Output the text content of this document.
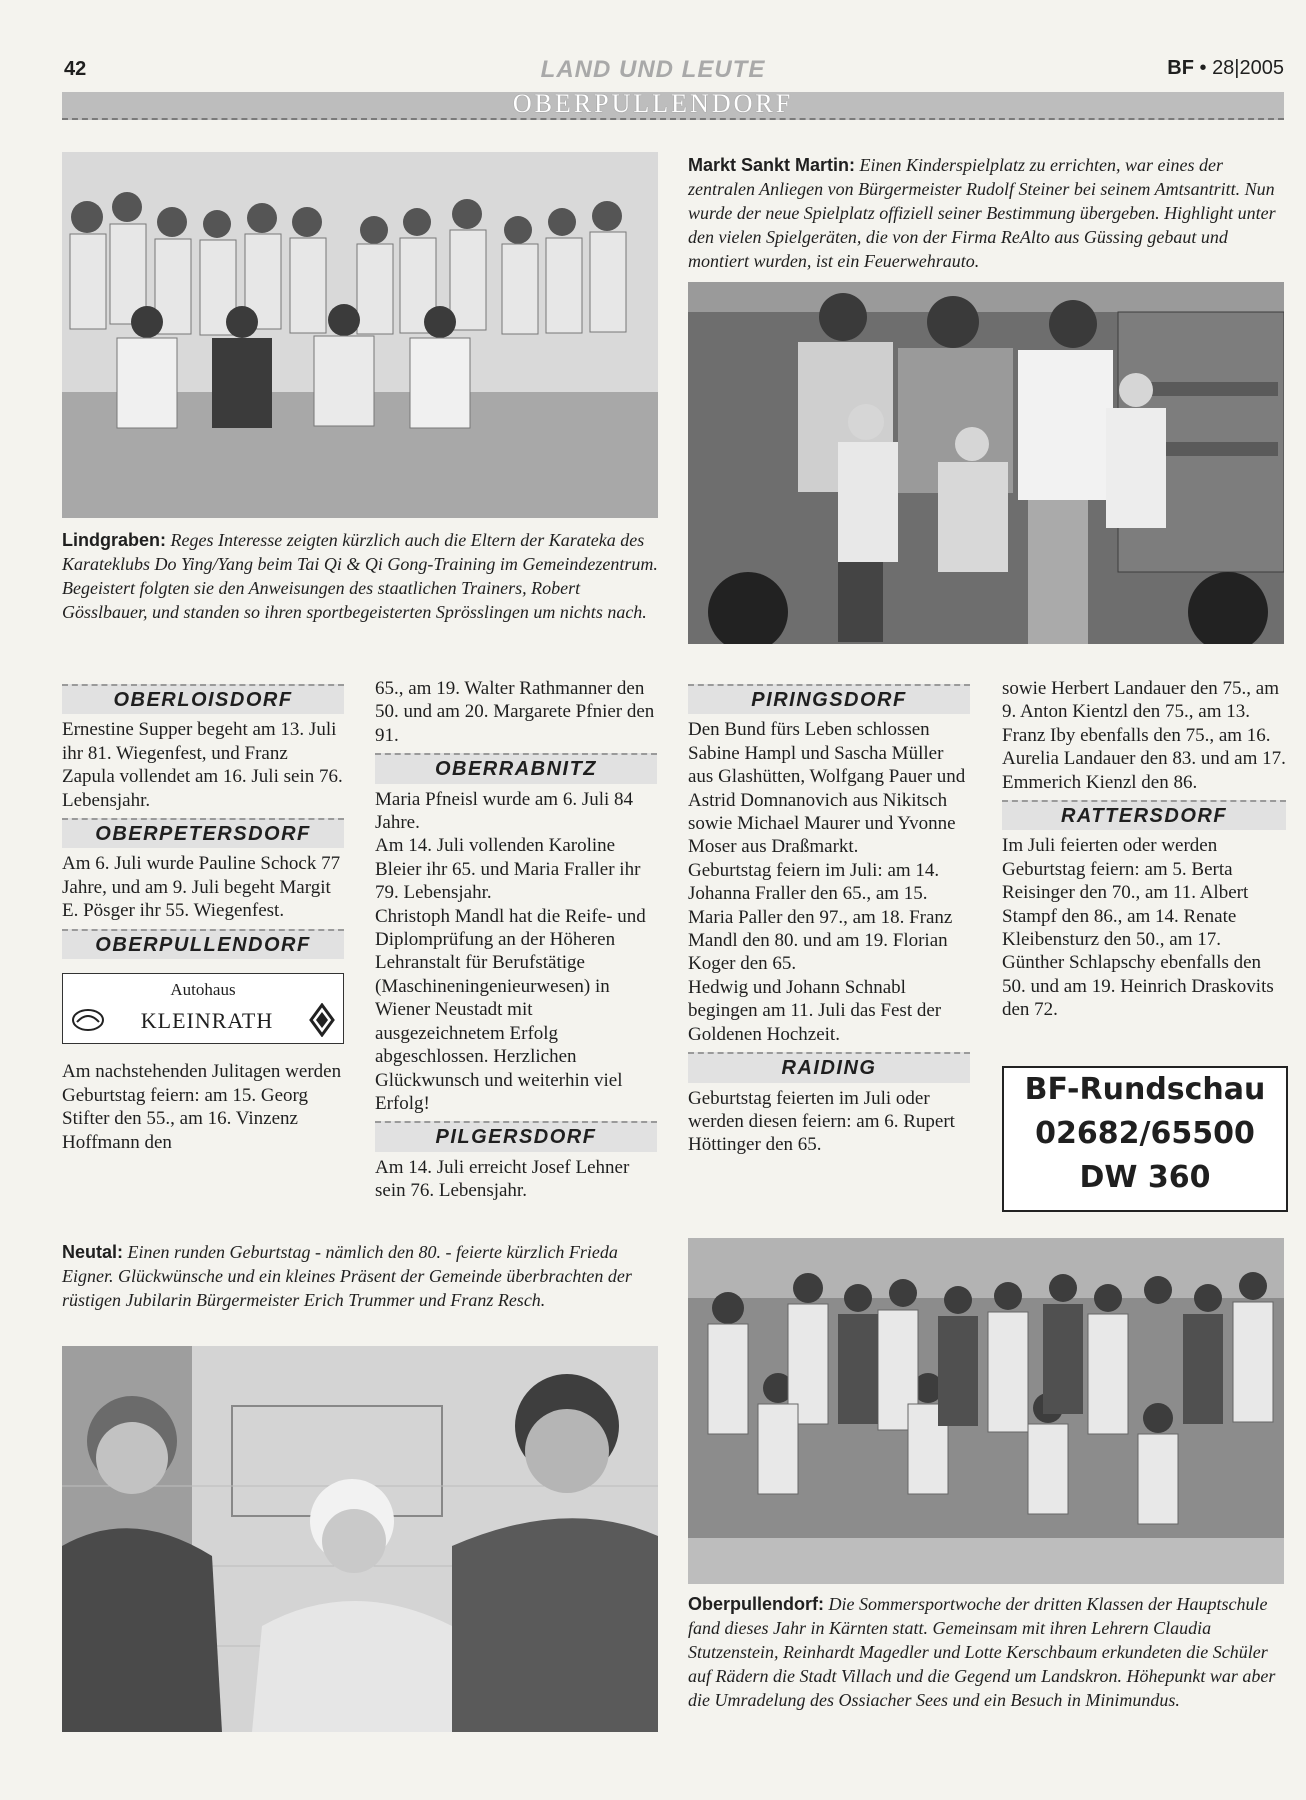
42	LAND UND LEUTE	BF • 28|2005
OBERPULLENDORF
Lindgraben: Reges Interesse zeigten kürzlich auch die Eltern der Karateka des Karateklubs Do Ying/Yang beim Tai Qi & Qi Gong-Training im Gemeindezentrum. Begeistert folgten sie den Anweisungen des staatlichen Trainers, Robert Gösslbauer, und standen so ihren sportbegeisterten Sprösslingen um nichts nach.
Markt Sankt Martin: Einen Kinderspielplatz zu errichten, war eines der zentralen Anliegen von Bürgermeister Rudolf Steiner bei seinem Amtsantritt. Nun wurde der neue Spielplatz offiziell seiner Bestimmung übergeben. Highlight unter den vielen Spielgeräten, die von der Firma ReAlto aus Güssing gebaut und montiert wurden, ist ein Feuerwehrauto.
OBERLOISDORF

Ernestine Supper begeht am 13. Juli ihr 81. Wiegenfest, und Franz Zapula vollendet am 16. Juli sein 76. Lebensjahr.

OBERPETERSDORF

Am 6. Juli wurde Pauline Schock 77 Jahre, und am 9. Juli begeht Margit E. Pösger ihr 55. Wiegenfest.

OBERPULLENDORF
Autohaus
KLEINRATH

Am nachstehenden Julitagen werden Geburtstag feiern: am 15. Georg Stifter den 55., am 16. Vinzenz Hoffmann den

65., am 19. Walter Rathmanner den 50. und am 20. Margarete Pfnier den 91.

OBERRABNITZ

Maria Pfneisl wurde am 6. Juli 84 Jahre.

Am 14. Juli vollenden Karoline Bleier ihr 65. und Maria Fraller ihr 79. Lebensjahr.

Christoph Mandl hat die Reife- und Diplomprüfung an der Höheren Lehranstalt für Berufstätige (Maschineningenieurwesen) in Wiener Neustadt mit ausgezeichnetem Erfolg abgeschlossen. Herzlichen Glückwunsch und weiterhin viel Erfolg!

PILGERSDORF

Am 14. Juli erreicht Josef Lehner sein 76. Lebensjahr.

PIRINGSDORF

Den Bund fürs Leben schlossen Sabine Hampl und Sascha Müller aus Glashütten, Wolfgang Pauer und Astrid Domnanovich aus Nikitsch sowie Michael Maurer und Yvonne Moser aus Draßmarkt.

Geburtstag feiern im Juli: am 14. Johanna Fraller den 65., am 15. Maria Paller den 97., am 18. Franz Mandl den 80. und am 19. Florian Koger den 65.

Hedwig und Johann Schnabl begingen am 11. Juli das Fest der Goldenen Hochzeit.

RAIDING

Geburtstag feierten im Juli oder werden diesen feiern: am 6. Rupert Höttinger den 65.

sowie Herbert Landauer den 75., am 9. Anton Kientzl den 75., am 13. Franz Iby ebenfalls den 75., am 16. Aurelia Landauer den 83. und am 17. Emmerich Kienzl den 86.

RATTERSDORF

Im Juli feierten oder werden Geburtstag feiern: am 5. Berta Reisinger den 70., am 11. Albert Stampf den 86., am 14. Renate Kleibensturz den 50., am 17. Günther Schlapschy ebenfalls den 50. und am 19. Heinrich Draskovits den 72.

BF-Rundschau
02682/65500
DW 360
Neutal: Einen runden Geburtstag - nämlich den 80. - feierte kürzlich Frieda Eigner. Glückwünsche und ein kleines Präsent der Gemeinde überbrachten der rüstigen Jubilarin Bürgermeister Erich Trummer und Franz Resch.
Oberpullendorf: Die Sommersportwoche der dritten Klassen der Hauptschule fand dieses Jahr in Kärnten statt. Gemeinsam mit ihren Lehrern Claudia Stutzenstein, Reinhardt Magedler und Lotte Kerschbaum erkundeten die Schüler auf Rädern die Stadt Villach und die Gegend um Landskron. Höhepunkt war aber die Umradelung des Ossiacher Sees und ein Besuch in Minimundus.
